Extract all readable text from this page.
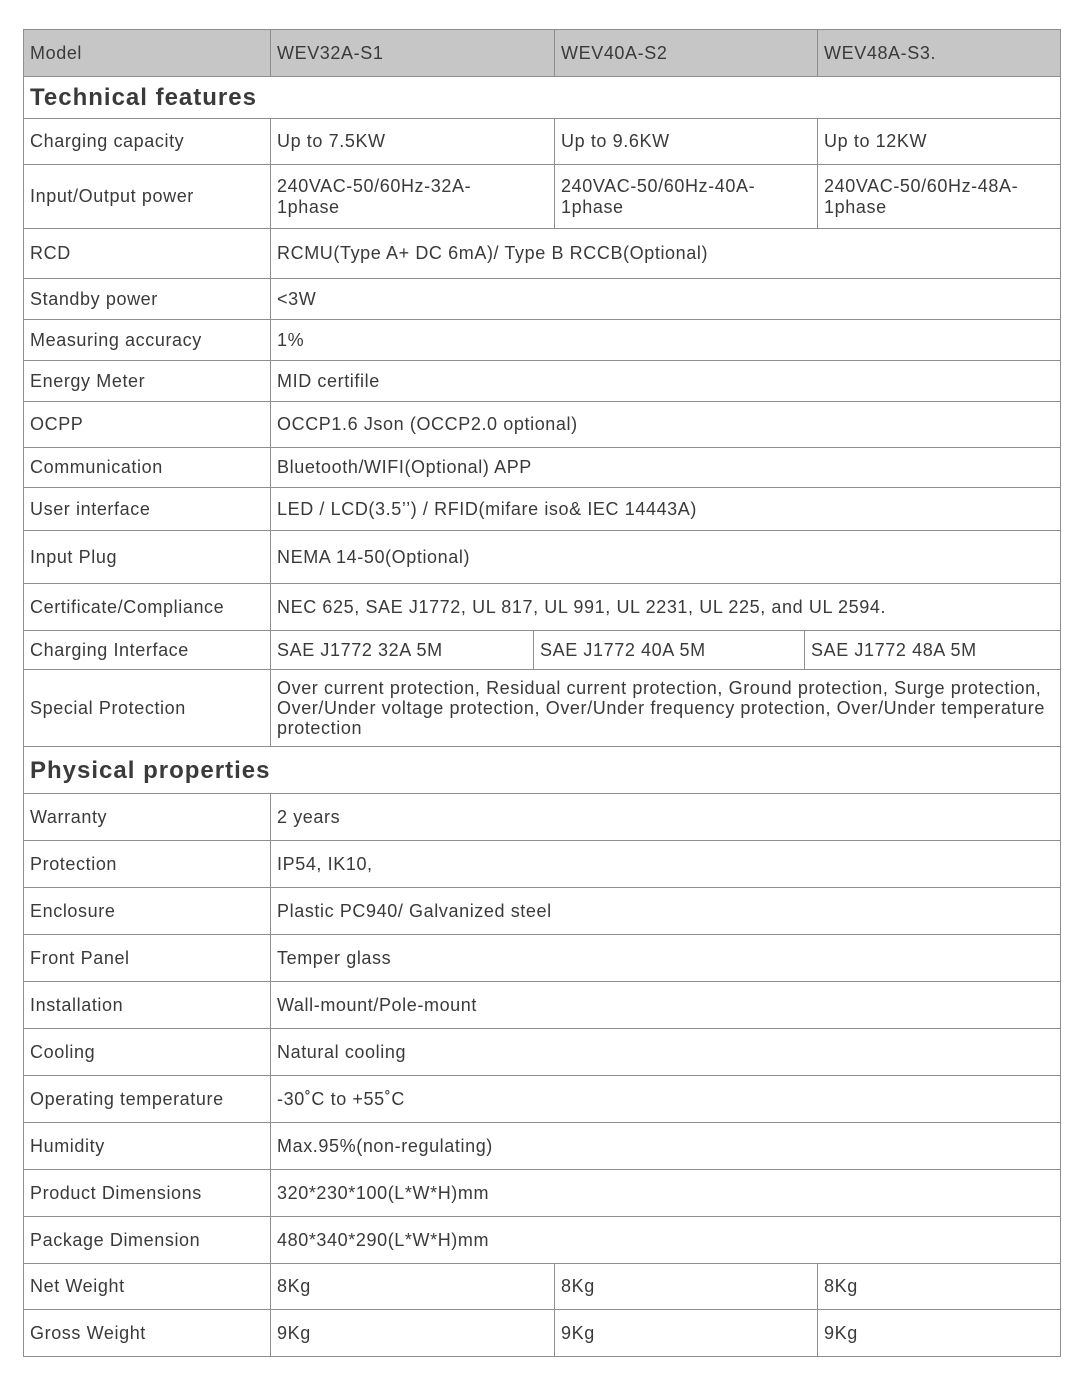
Model	WEV32A-S1		WEV40A-S2		WEV48A-S3.
Technical features					
Charging capacity	Up to 7.5KW		Up to 9.6KW		Up to 12KW
Input/Output power	240VAC-50/60Hz-32A-1phase		240VAC-50/60Hz-40A-1phase		240VAC-50/60Hz-48A-1phase
RCD	RCMU(Type A+ DC 6mA)/ Type B RCCB(Optional)				
Standby power	<3W				
Measuring accuracy	1%				
Energy Meter	MID certifile				
OCPP	OCCP1.6 Json (OCCP2.0 optional)				
Communication	Bluetooth/WIFI(Optional) APP				
User interface	LED / LCD(3.5’’) / RFID(mifare iso& IEC 14443A)				
Input Plug	NEMA 14-50(Optional)				
Certificate/Compliance	NEC 625, SAE J1772, UL 817, UL 991, UL 2231, UL 225, and UL 2594.				
Charging Interface	SAE J1772 32A 5M	SAE J1772 40A 5M		SAE J1772 48A 5M	
Special Protection	Over current protection, Residual current protection, Ground protection, Surge protection, Over/Under voltage protection, Over/Under frequency protection, Over/Under temperature protection				
Physical properties					
Warranty	2 years				
Protection	IP54, IK10,				
Enclosure	Plastic PC940/ Galvanized steel				
Front Panel	Temper glass				
Installation	Wall-mount/Pole-mount				
Cooling	Natural cooling				
Operating temperature	-30˚C to +55˚C				
Humidity	Max.95%(non-regulating)				
Product Dimensions	320*230*100(L*W*H)mm				
Package Dimension	480*340*290(L*W*H)mm				
Net Weight	8Kg		8Kg		8Kg
Gross Weight	9Kg		9Kg		9Kg
